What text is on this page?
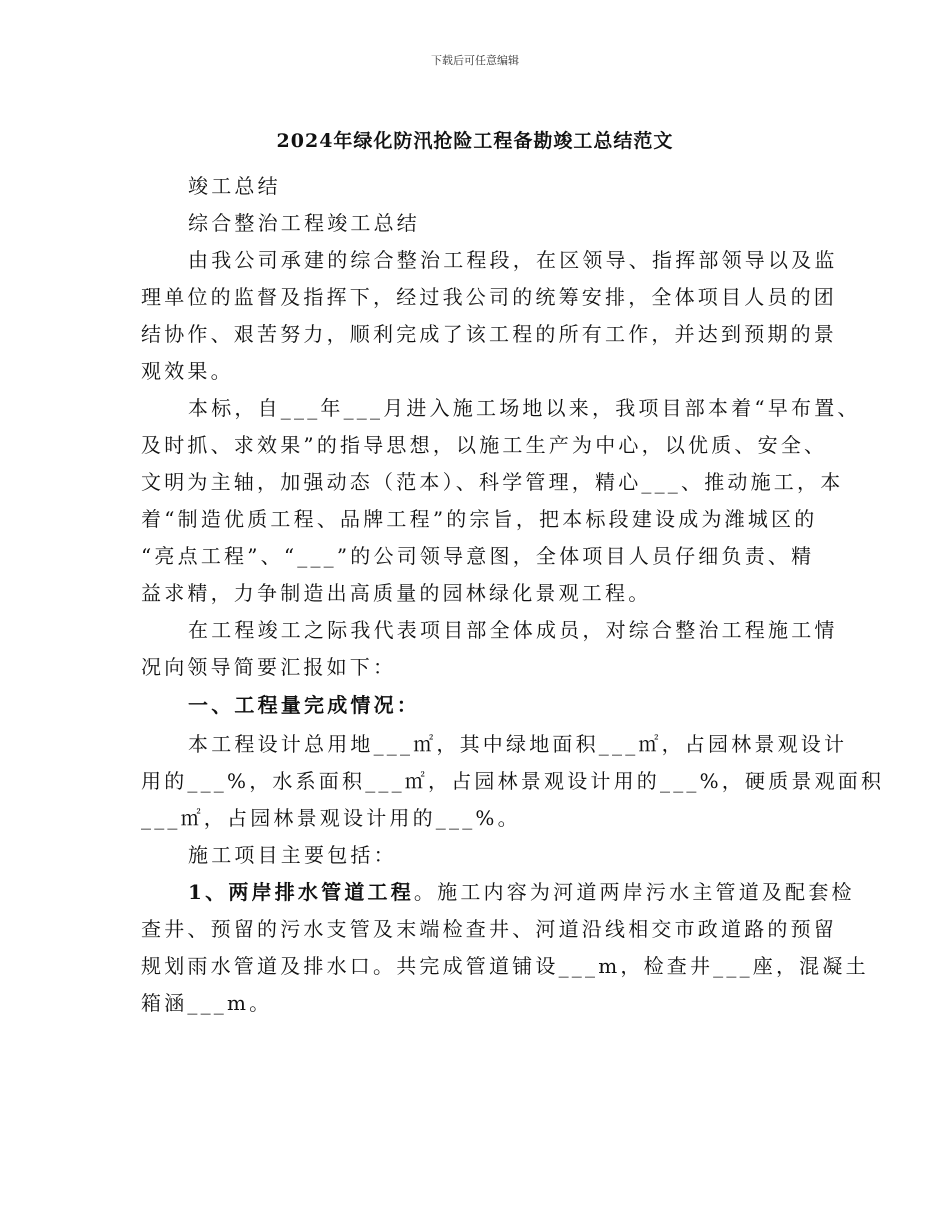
下载后可任意编辑
2024年绿化防汛抢险工程备勘竣工总结范文
竣工总结
综合整治工程竣工总结
由我公司承建的综合整治工程段，在区领导、指挥部领导以及监
理单位的监督及指挥下，经过我公司的统筹安排，全体项目人员的团
结协作、艰苦努力，顺利完成了该工程的所有工作，并达到预期的景
观效果。
本标，自___年___月进入施工场地以来，我项目部本着“早布置、
及时抓、求效果”的指导思想，以施工生产为中心，以优质、安全、
文明为主轴，加强动态（范本）、科学管理，精心___、推动施工，本
着“制造优质工程、品牌工程”的宗旨，把本标段建设成为潍城区的
“亮点工程”、“___”的公司领导意图，全体项目人员仔细负责、精
益求精，力争制造出高质量的园林绿化景观工程。
在工程竣工之际我代表项目部全体成员，对综合整治工程施工情
况向领导简要汇报如下：
一、工程量完成情况：
本工程设计总用地___㎡，其中绿地面积___㎡，占园林景观设计
用的___%，水系面积___㎡，占园林景观设计用的___%，硬质景观面积
___㎡，占园林景观设计用的___%。
施工项目主要包括：
1、两岸排水管道工程。施工内容为河道两岸污水主管道及配套检
查井、预留的污水支管及末端检查井、河道沿线相交市政道路的预留
规划雨水管道及排水口。共完成管道铺设___m，检查井___座，混凝土
箱涵___m。
